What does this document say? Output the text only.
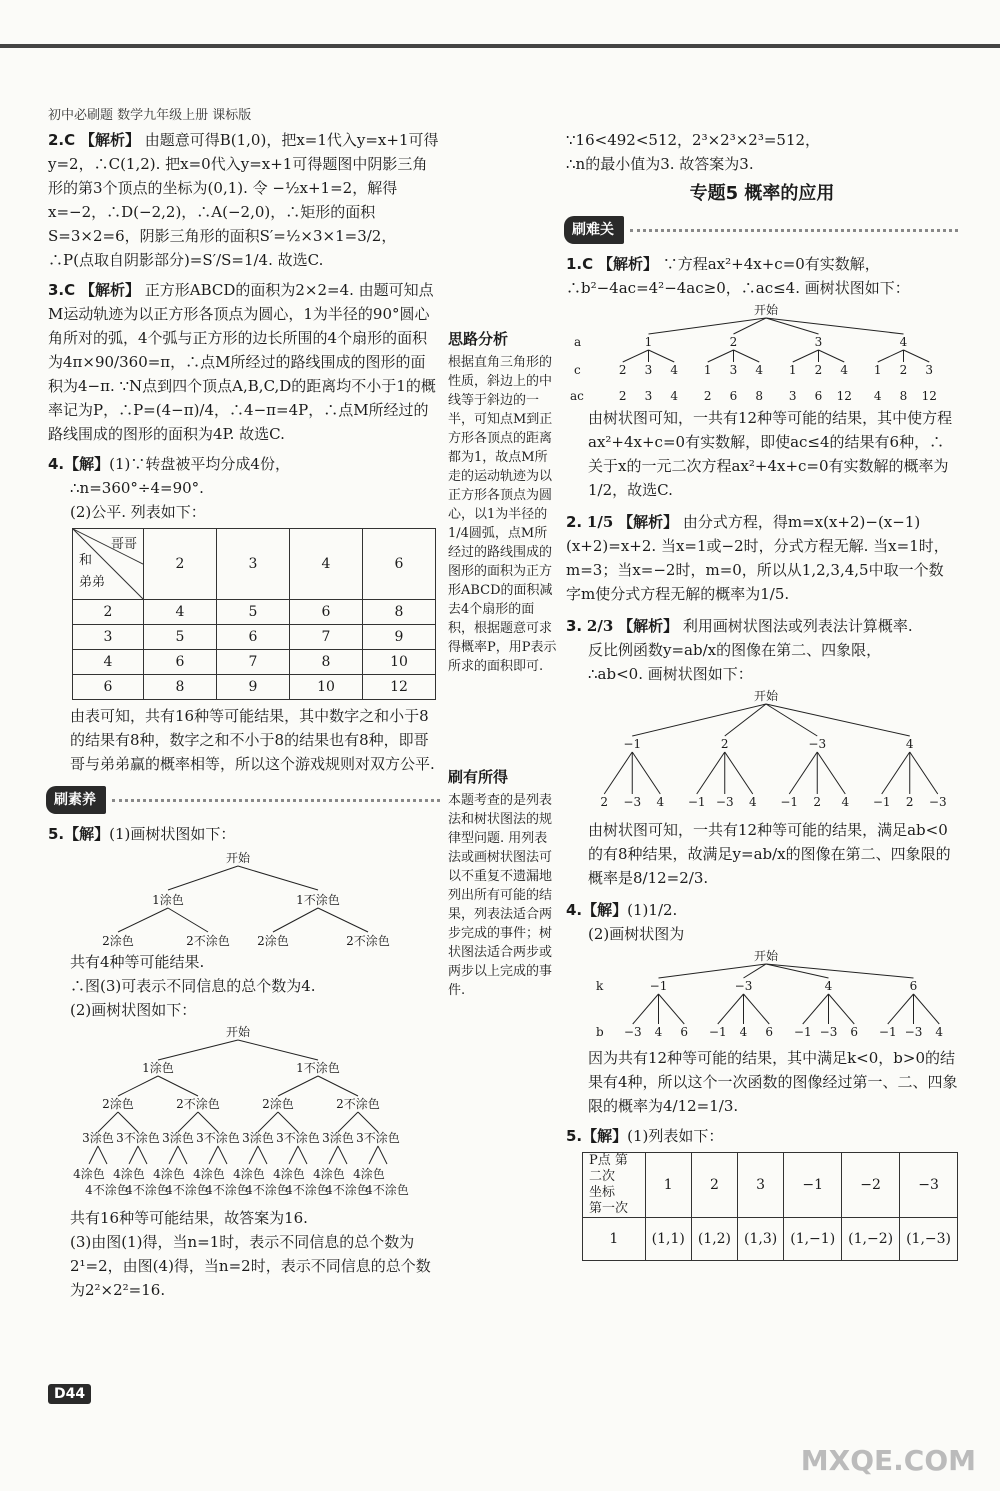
初中必刷题 数学九年级上册 课标版

2.C 【解析】 由题意可得B(1,0)，把x=1代入y=x+1可得y=2，∴C(1,2). 把x=0代入y=x+1可得题图中阴影三角形的第3个顶点的坐标为(0,1). 令 −½x+1=2，解得x=−2，∴D(−2,2)，∴A(−2,0)，∴矩形的面积S=3×2=6，阴影三角形的面积S′=½×3×1=3/2，∴P(点取自阴影部分)=S′/S=1/4. 故选C.

3.C 【解析】 正方形ABCD的面积为2×2=4. 由题可知点M运动轨迹为以正方形各顶点为圆心，1为半径的90°圆心角所对的弧，4个弧与正方形的边长所围的4个扇形的面积为4π×90/360=π，∴点M所经过的路线围成的图形的面积为4−π. ∵N点到四个顶点A,B,C,D的距离均不小于1的概率记为P，∴P=(4−π)/4，∴4−π=4P，∴点M所经过的路线围成的图形的面积为4P. 故选C.

4.【解】(1)∵转盘被平均分成4份，
∴n=360°÷4=90°.
(2)公平. 列表如下：
哥哥
和
弟弟	2	3	4	6
2	4	5	6	8
3	5	6	7	9
4	6	7	8	10
6	8	9	10	12
由表可知，共有16种等可能结果，其中数字之和小于8的结果有8种，数字之和不小于8的结果也有8种，即哥哥与弟弟赢的概率相等，所以这个游戏规则对双方公平.
刷素养
5.【解】(1)画树状图如下：
开始
1涂色	1不涂色
2涂色	2不涂色 2涂色	2不涂色
共有4种等可能结果.
∴图(3)可表示不同信息的总个数为4.
(2)画树状图如下：
开始
1涂色	1不涂色
2涂色	2不涂色	2涂色	2不涂色
3涂色 3不涂色
4涂色
4不涂色
4涂色
4不涂色
3涂色 3不涂色
4涂色
4不涂色
4涂色
4不涂色
3涂色 3不涂色
4涂色
4不涂色
4涂色
4不涂色
3涂色 3不涂色
4涂色
4不涂色
4涂色
4不涂色
共有16种等可能结果，故答案为16.
(3)由图(1)得，当n=1时，表示不同信息的总个数为2¹=2，由图(4)得，当n=2时，表示不同信息的总个数为2²×2²=16.
思路分析
根据直角三角形的性质，斜边上的中线等于斜边的一半，可知点M到正方形各顶点的距离都为1，故点M所走的运动轨迹为以正方形各顶点为圆心，以1为半径的1/4圆弧，点M所经过的路线围成的图形的面积为正方形ABCD的面积减去4个扇形的面积，根据题意可求得概率P，用P表示所求的面积即可.
刷有所得
本题考查的是列表法和树状图法的规律型问题. 用列表法或画树状图法可以不重复不遗漏地列出所有可能的结果，列表法适合两步完成的事件；树状图法适合两步或两步以上完成的事件.
∵16<492<512，2³×2³×2³=512，
∴n的最小值为3. 故答案为3.
专题5 概率的应用
刷难关
1.C 【解析】 ∵方程ax²+4x+c=0有实数解，∴b²−4ac=4²−4ac≥0，∴ac≤4. 画树状图如下：
开始
a
c
ac
1
2
2
3
3
4
4
2
1
2
3
6
4
8
3
1
3
2
6
4
12
4
1
4
2
8
3
12
由树状图可知，一共有12种等可能的结果，其中使方程ax²+4x+c=0有实数解，即使ac≤4的结果有6种，∴关于x的一元二次方程ax²+4x+c=0有实数解的概率为1/2，故选C.
2. 1/5 【解析】 由分式方程，得m=x(x+2)−(x−1)(x+2)=x+2. 当x=1或−2时，分式方程无解. 当x=1时，m=3；当x=−2时，m=0，所以从1,2,3,4,5中取一个数字m使分式方程无解的概率为1/5.
3. 2/3 【解析】 利用画树状图法或列表法计算概率.
反比例函数y=ab/x的图像在第二、四象限，
∴ab<0. 画树状图如下：
开始
−1
2 −3 4
2
−1 −3 4
−3
−1 2 4
4
−1 2 −3
由树状图可知，一共有12种等可能的结果，满足ab<0的有8种结果，故满足y=ab/x的图像在第二、四象限的概率是8/12=2/3.
4.【解】(1)1/2.
(2)画树状图为
开始
k
b
−1
−3 4 6
−3
−1 4 6
4
−1 −3 6
6
−1 −3 4
因为共有12种等可能的结果，其中满足k<0，b>0的结果有4种，所以这个一次函数的图像经过第一、二、四象限的概率为4/12=1/3.
5.【解】(1)列表如下：
P点 第二次
坐标
第一次	1	2	3	−1	−2	−3
1	(1,1)	(1,2)	(1,3)	(1,−1)	(1,−2)	(1,−3)
D44
MXQE.COM
